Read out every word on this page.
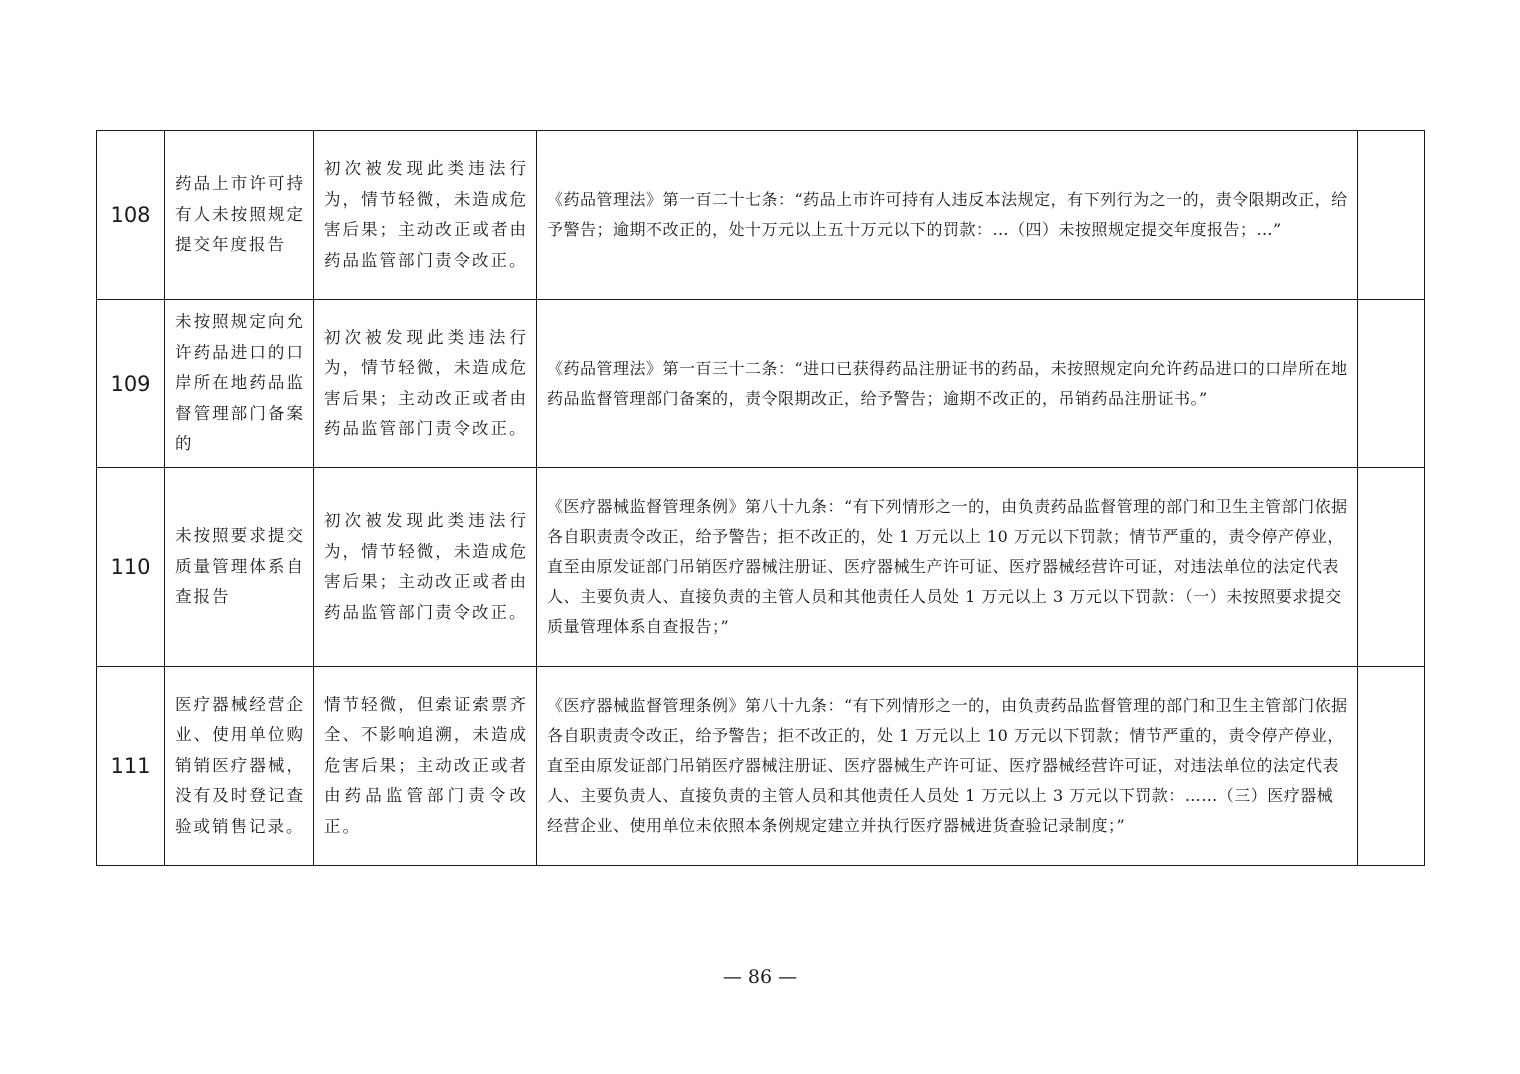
108	药品上市许可持有人未按照规定提交年度报告	初次被发现此类违法行为，情节轻微，未造成危害后果；主动改正或者由药品监管部门责令改正。	《药品管理法》第一百二十七条：“药品上市许可持有人违反本法规定，有下列行为之一的，责令限期改正，给予警告；逾期不改正的，处十万元以上五十万元以下的罚款：…（四）未按照规定提交年度报告；…”	
109	未按照规定向允许药品进口的口岸所在地药品监督管理部门备案的	初次被发现此类违法行为，情节轻微，未造成危害后果；主动改正或者由药品监管部门责令改正。	《药品管理法》第一百三十二条：“进口已获得药品注册证书的药品，未按照规定向允许药品进口的口岸所在地药品监督管理部门备案的，责令限期改正，给予警告；逾期不改正的，吊销药品注册证书。”	
110	未按照要求提交质量管理体系自查报告	初次被发现此类违法行为，情节轻微，未造成危害后果；主动改正或者由药品监管部门责令改正。	《医疗器械监督管理条例》第八十九条：“有下列情形之一的，由负责药品监督管理的部门和卫生主管部门依据各自职责责令改正，给予警告；拒不改正的，处 1 万元以上 10 万元以下罚款；情节严重的，责令停产停业，直至由原发证部门吊销医疗器械注册证、医疗器械生产许可证、医疗器械经营许可证，对违法单位的法定代表人、主要负责人、直接负责的主管人员和其他责任人员处 1 万元以上 3 万元以下罚款：（一）未按照要求提交质量管理体系自查报告；”	
111	医疗器械经营企业、使用单位购销销医疗器械，没有及时登记查验或销售记录。	情节轻微，但索证索票齐全、不影响追溯，未造成危害后果；主动改正或者由药品监管部门责令改正。	《医疗器械监督管理条例》第八十九条：“有下列情形之一的，由负责药品监督管理的部门和卫生主管部门依据各自职责责令改正，给予警告；拒不改正的，处 1 万元以上 10 万元以下罚款；情节严重的，责令停产停业，直至由原发证部门吊销医疗器械注册证、医疗器械生产许可证、医疗器械经营许可证，对违法单位的法定代表人、主要负责人、直接负责的主管人员和其他责任人员处 1 万元以上 3 万元以下罚款：……（三）医疗器械经营企业、使用单位未依照本条例规定建立并执行医疗器械进货查验记录制度；”	
— 86 —
